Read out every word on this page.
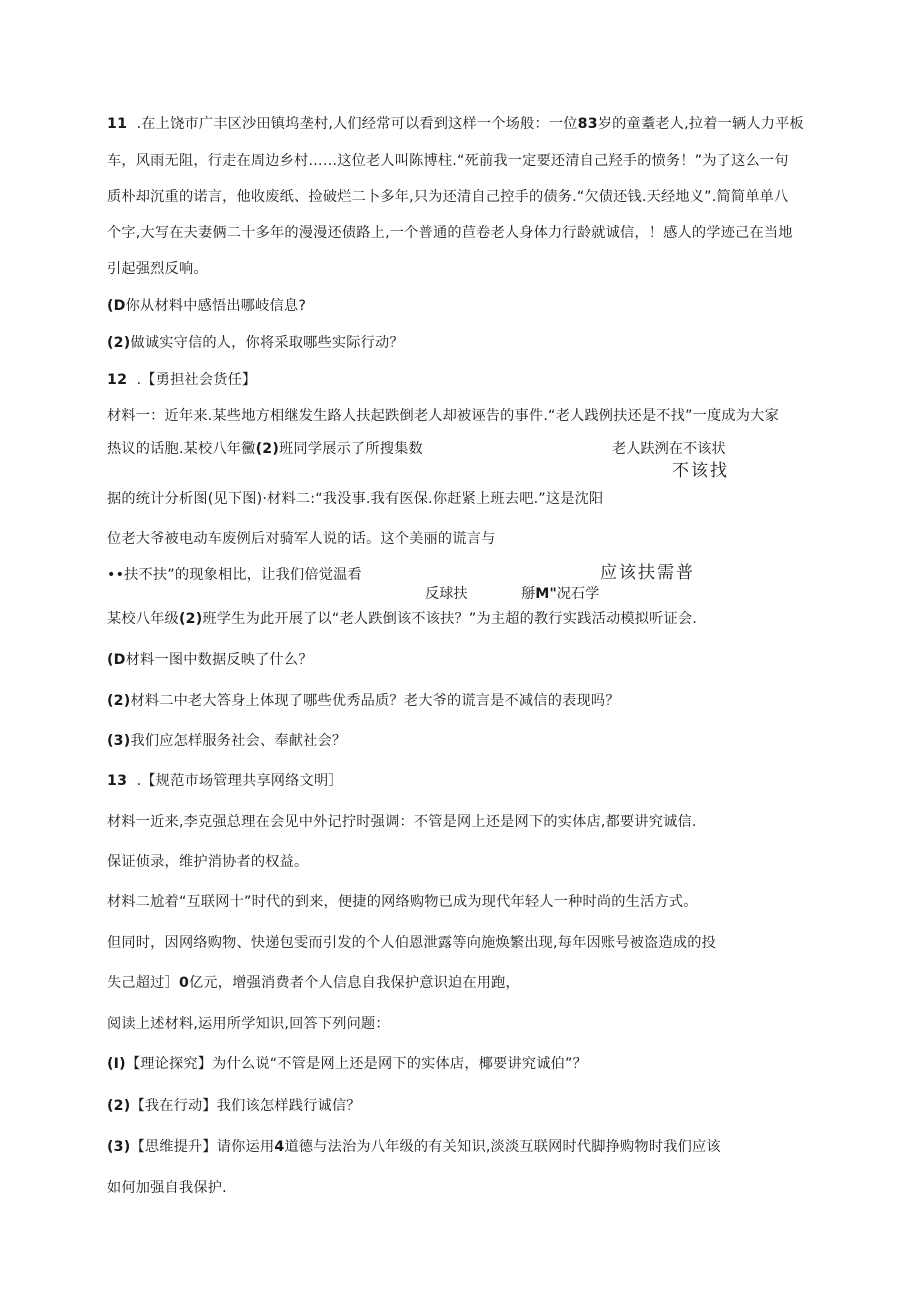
11 .在上饶市广丰区沙田镇坞垄村,人们经常可以看到这样一个场般：一位83岁的童耋老人,拉着一辆人力平板
车，风雨无阻，行走在周边乡村……这位老人叫陈博柱.“死前我一定要还清自己羟手的愤务！”为了这么一句
质朴却沉重的诺言，他收废纸、捡破烂二卜多年,只为还清自己控手的债务.“欠债还钱.天经地义”.简简单单八
个字,大写在夫妻俩二十多年的漫漫还债路上,一个普通的苣卷老人身体力行龄就诚信，！感人的学迹己在当地
引起强烈反响。
(D你从材料中感悟出哪岐信息?
(2)做诚实守信的人，你将采取哪些实际行动？
12 .【勇担社会货任】
材料一：近年来.某些地方相继发生路人扶起跌倒老人却被诬告的事件.“老人践例扶还是不找”一度成为大家
热议的话胞.某校八年黴(2)班同学展示了所搜集数	老人趺洌在不该状
不该找
据的统计分析图(见下图)·材料二:“我没事.我有医保.你赶紧上班去吧.”这是沈阳
位老大爷被电动车废例后对骑军人说的话。这个美丽的谎言与
••扶不扶”的现象相比，让我们倍觉温看	应该扶需普
反球扶	掰M"况石学
某校八年级(2)班学生为此开展了以“老人跌倒该不该扶？”为主超的教行实践活动模拟听证会.
(D材料一图中数据反映了什么？
(2)材料二中老大答身上体现了哪些优秀品质？老大爷的谎言是不减信的表现吗？
(3)我们应怎样服务社会、奉献社会？
13 .【规范市场管理共享网络文明］
材料一近来,李克强总理在会见中外记拧时强调：不管是网上还是网下的实体店,都要讲究诚信.
保证侦录，维护消协者的权益。
材料二尬着“互联网十”时代的到来，便捷的网络购物已成为现代年轻人一种时尚的生活方式。
但同时，因网络购物、快递包雯而引发的个人伯恩泄露等向施焕繁出现,每年因账号被盗造成的投
失己超过］0亿元，增强消费者个人信息自我保护意识迫在用跑，
阅读上述材料,运用所学知识,回答下列问题：
(I)【理论探究】为什么说“不管是网上还是网下的实体店，椰要讲究诚伯”？
(2)【我在行动】我们该怎样践行诚信？
(3)【思维提升】请你运用4道德与法治为八年级的有关知识,淡淡互联网时代脚挣购物时我们应该
如何加强自我保护.
